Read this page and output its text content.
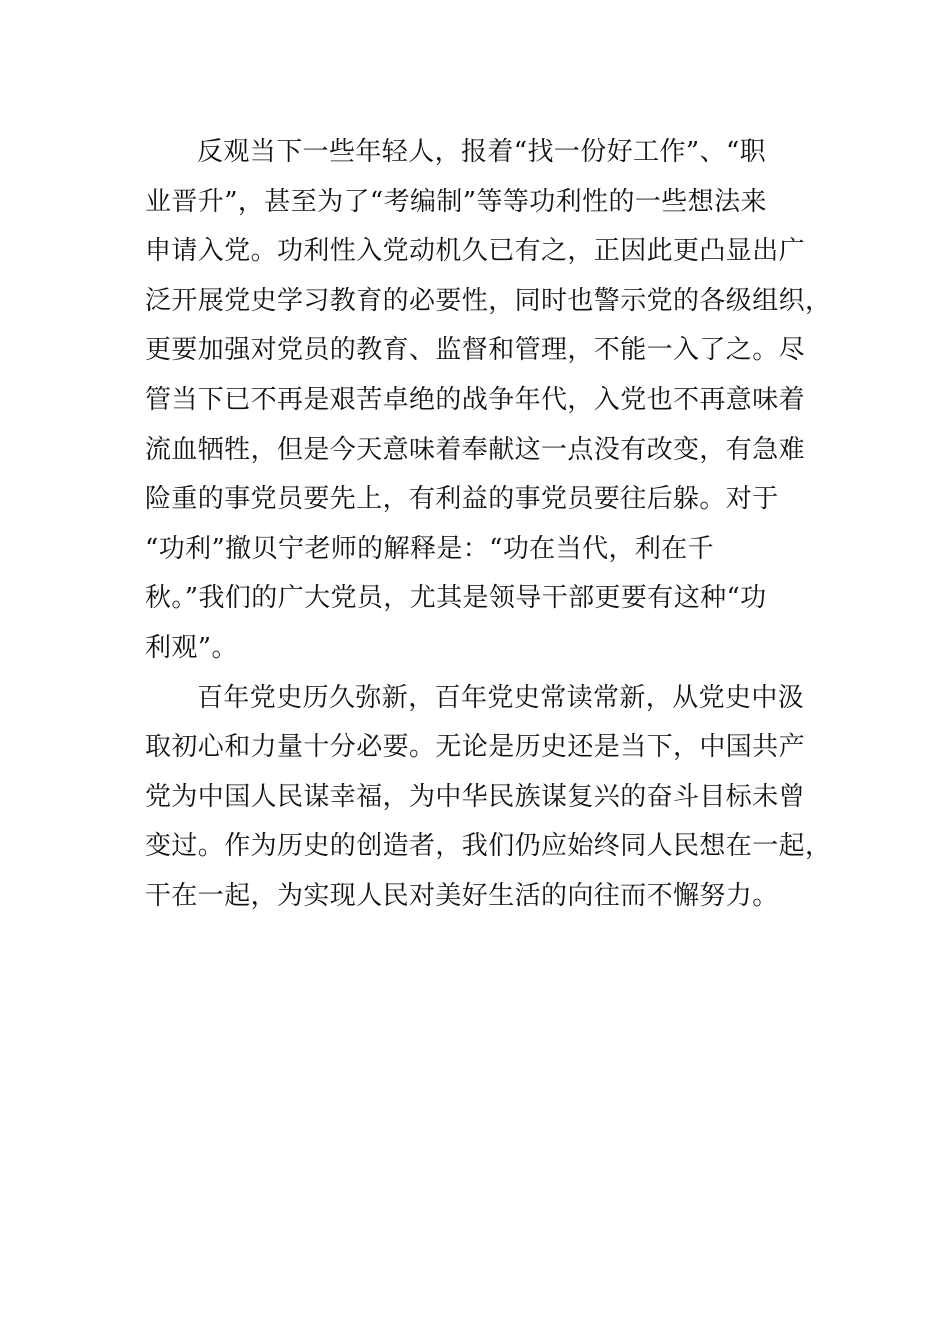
反观当下一些年轻人，报着“找一份好工作”、“职
业晋升”，甚至为了“考编制”等等功利性的一些想法来
申请入党。功利性入党动机久已有之，正因此更凸显出广
泛开展党史学习教育的必要性，同时也警示党的各级组织，
更要加强对党员的教育、监督和管理，不能一入了之。尽
管当下已不再是艰苦卓绝的战争年代，入党也不再意味着
流血牺牲，但是今天意味着奉献这一点没有改变，有急难
险重的事党员要先上，有利益的事党员要往后躲。对于
“功利”撤贝宁老师的解释是：“功在当代，利在千
秋。”我们的广大党员，尤其是领导干部更要有这种“功
利观”。
百年党史历久弥新，百年党史常读常新，从党史中汲
取初心和力量十分必要。无论是历史还是当下，中国共产
党为中国人民谋幸福，为中华民族谋复兴的奋斗目标未曾
变过。作为历史的创造者，我们仍应始终同人民想在一起，
干在一起，为实现人民对美好生活的向往而不懈努力。
